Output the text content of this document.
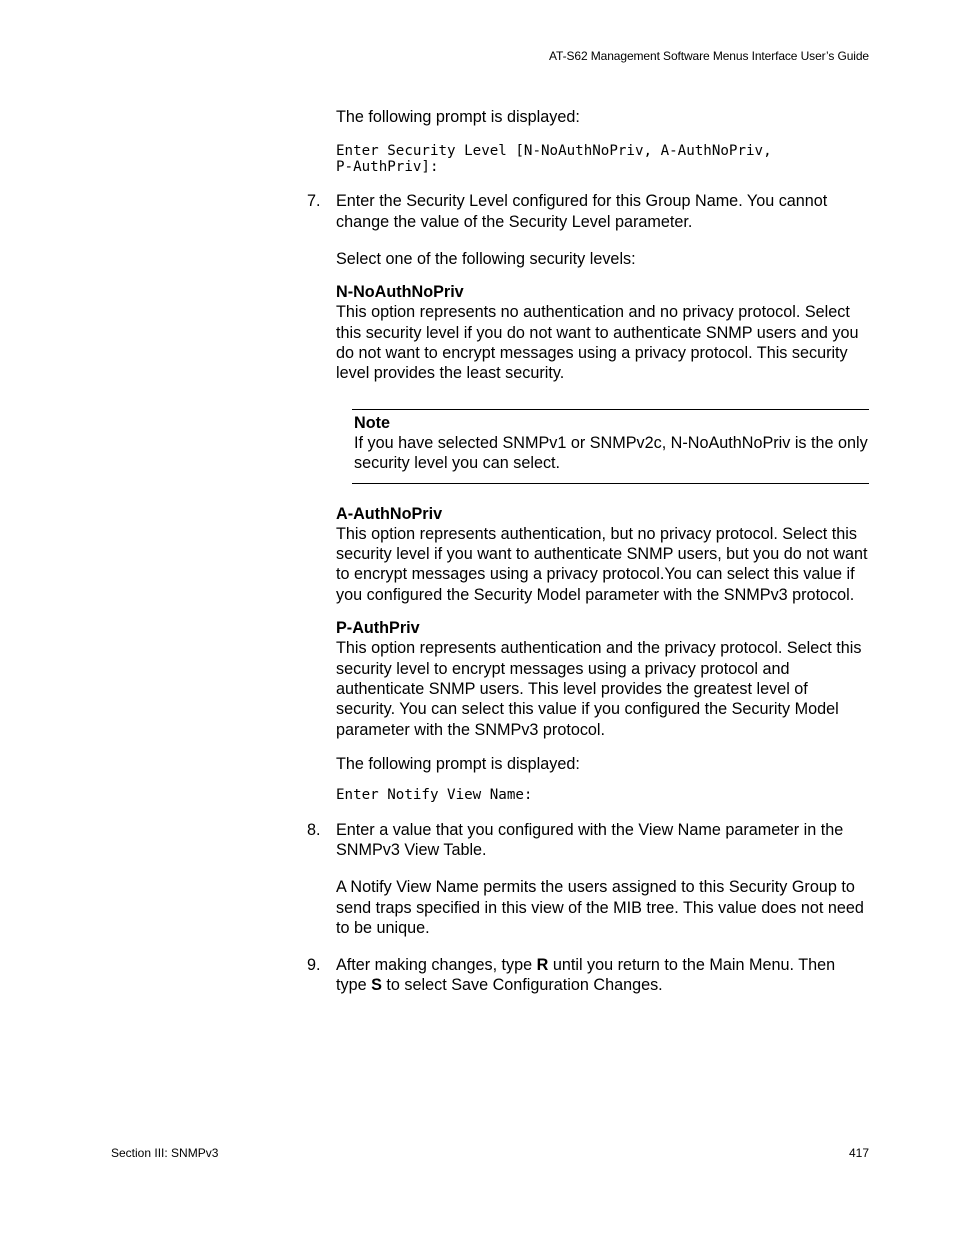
AT-S62 Management Software Menus Interface User’s Guide

The following prompt is displayed:

Enter Security Level [N-NoAuthNoPriv, A-AuthNoPriv,
P-AuthPriv]:
7. Enter the Security Level configured for this Group Name. You cannot change the value of the Security Level parameter.

Select one of the following security levels:

N-NoAuthNoPriv

This option represents no authentication and no privacy protocol. Select this security level if you do not want to authenticate SNMP users and you do not want to encrypt messages using a privacy protocol. This security level provides the least security.

Note

If you have selected SNMPv1 or SNMPv2c, N-NoAuthNoPriv is the only security level you can select.

A-AuthNoPriv

This option represents authentication, but no privacy protocol. Select this security level if you want to authenticate SNMP users, but you do not want to encrypt messages using a privacy protocol.You can select this value if you configured the Security Model parameter with the SNMPv3 protocol.

P-AuthPriv

This option represents authentication and the privacy protocol. Select this security level to encrypt messages using a privacy protocol and authenticate SNMP users. This level provides the greatest level of security. You can select this value if you configured the Security Model parameter with the SNMPv3 protocol.

The following prompt is displayed:

Enter Notify View Name:
8. Enter a value that you configured with the View Name parameter in the SNMPv3 View Table.

A Notify View Name permits the users assigned to this Security Group to send traps specified in this view of the MIB tree. This value does not need to be unique.

9. After making changes, type R until you return to the Main Menu. Then type S to select Save Configuration Changes.

Section III: SNMPv3	417
